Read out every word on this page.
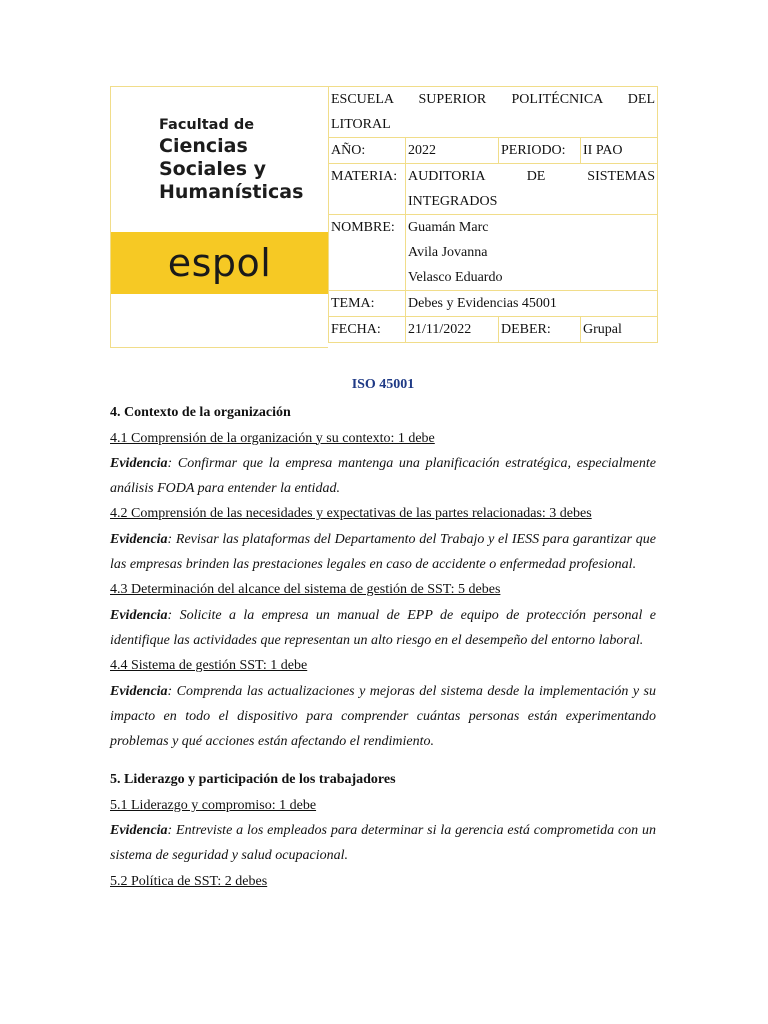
Facultad de
Ciencias
Sociales y
Humanísticas
espol
ESCUELA SUPERIOR POLITÉCNICA DEL
LITORAL			

AÑO:	2022	PERIODO:	II PAO
MATERIA:	AUDITORIA DE SISTEMAS
INTEGRADOS		

NOMBRE:	Guamán Marc
Avila Jovanna
Velasco Eduardo		

TEMA:	Debes y Evidencias 45001		
FECHA:	21/11/2022	DEBER:	Grupal

ISO 45001

4. Contexto de la organización

4.1 Comprensión de la organización y su contexto: 1 debe

Evidencia: Confirmar que la empresa mantenga una planificación estratégica, especialmente análisis FODA para entender la entidad.

4.2 Comprensión de las necesidades y expectativas de las partes relacionadas: 3 debes

Evidencia: Revisar las plataformas del Departamento del Trabajo y el IESS para garantizar que las empresas brinden las prestaciones legales en caso de accidente o enfermedad profesional.

4.3 Determinación del alcance del sistema de gestión de SST: 5 debes

Evidencia: Solicite a la empresa un manual de EPP de equipo de protección personal e identifique las actividades que representan un alto riesgo en el desempeño del entorno laboral.

4.4 Sistema de gestión SST: 1 debe

Evidencia: Comprenda las actualizaciones y mejoras del sistema desde la implementación y su impacto en todo el dispositivo para comprender cuántas personas están experimentando problemas y qué acciones están afectando el rendimiento.

5. Liderazgo y participación de los trabajadores

5.1 Liderazgo y compromiso: 1 debe

Evidencia: Entreviste a los empleados para determinar si la gerencia está comprometida con un sistema de seguridad y salud ocupacional.

5.2 Política de SST: 2 debes
